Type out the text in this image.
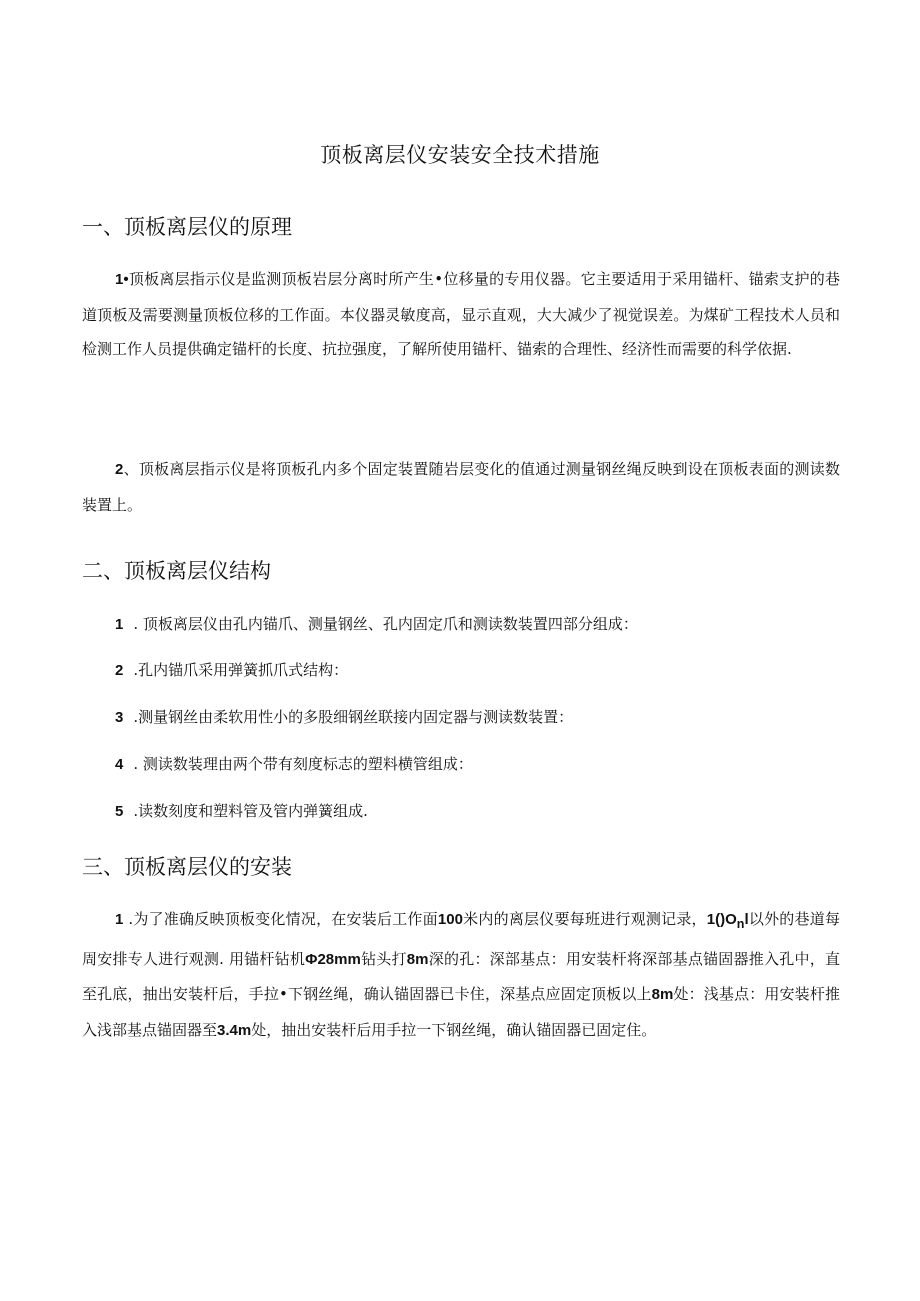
顶板离层仪安装安全技术措施
一、顶板离层仪的原理

1•顶板离层指示仪是监测顶板岩层分离时所产生•位移量的专用仪器。它主要适用于采用锚杆、锚索支护的巷道顶板及需要测量顶板位移的工作面。本仪器灵敏度高，显示直观，大大减少了视觉误差。为煤矿工程技术人员和检测工作人员提供确定锚杆的长度、抗拉强度，了解所使用锚杆、锚索的合理性、经济性而需要的科学依据.

2、顶板离层指示仪是将顶板孔内多个固定装置随岩层变化的值通过测量钢丝绳反映到设在顶板表面的测读数装置上。

二、顶板离层仪结构

1 . 顶板离层仪由孔内锚爪、测量钢丝、孔内固定爪和测读数装置四部分组成：

2 .孔内锚爪采用弹簧抓爪式结构：

3 .测量钢丝由柔软用性小的多股细钢丝联接内固定器与测读数装置：

4 . 测读数装理由两个带有刻度标志的塑料横管组成：

5 .读数刻度和塑料管及管内弹簧组成.

三、顶板离层仪的安装

1 .为了准确反映顶板变化情况，在安装后工作面100米内的离层仪要每班进行观测记录，$1()O_nl$以外的巷道每周安排专人进行观测. 用锚杆钻机Φ28mm钻头打8m深的孔：深部基点：用安装杆将深部基点锚固器推入孔中，直至孔底，抽出安装杆后，手拉•下钢丝绳，确认锚固器已卡住，深基点应固定顶板以上8m处：浅基点：用安装杆推入浅部基点锚固器至3.4m处，抽出安装杆后用手拉一下钢丝绳，确认锚固器已固定住。
